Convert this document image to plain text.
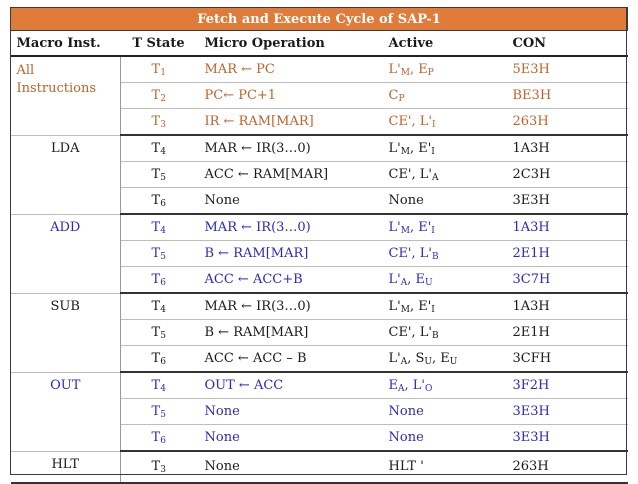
Fetch and Execute Cycle of SAP-1				
Macro Inst.	T State	Micro Operation	Active	CON
All Instructions	$T_1$	MAR ← PC	$L'_M$, $E_P$	5E3H
	$T_2$	PC← PC+1	$C_P$	BE3H
	$T_3$	IR ← RAM[MAR]	CE', $L'_I$	263H
LDA	$T_4$	MAR ← IR(3…0)	$L'_M$, $E'_I$	1A3H
	$T_5$	ACC ← RAM[MAR]	CE', $L'_A$	2C3H
	$T_6$	None	None	3E3H
ADD	$T_4$	MAR ← IR(3…0)	$L'_M$, $E'_I$	1A3H
	$T_5$	B ← RAM[MAR]	CE', $L'_B$	2E1H
	$T_6$	ACC ← ACC+B	$L'_A$, $E_U$	3C7H
SUB	$T_4$	MAR ← IR(3…0)	$L'_M$, $E'_I$	1A3H
	$T_5$	B ← RAM[MAR]	CE', $L'_B$	2E1H
	$T_6$	ACC ← ACC – B	$L'_A$, $S_U$, $E_U$	3CFH
OUT	$T_4$	OUT ← ACC	$E_A$, $L'_O$	3F2H
	$T_5$	None	None	3E3H
	$T_6$	None	None	3E3H
HLT	$T_3$	None	HLT '	263H
